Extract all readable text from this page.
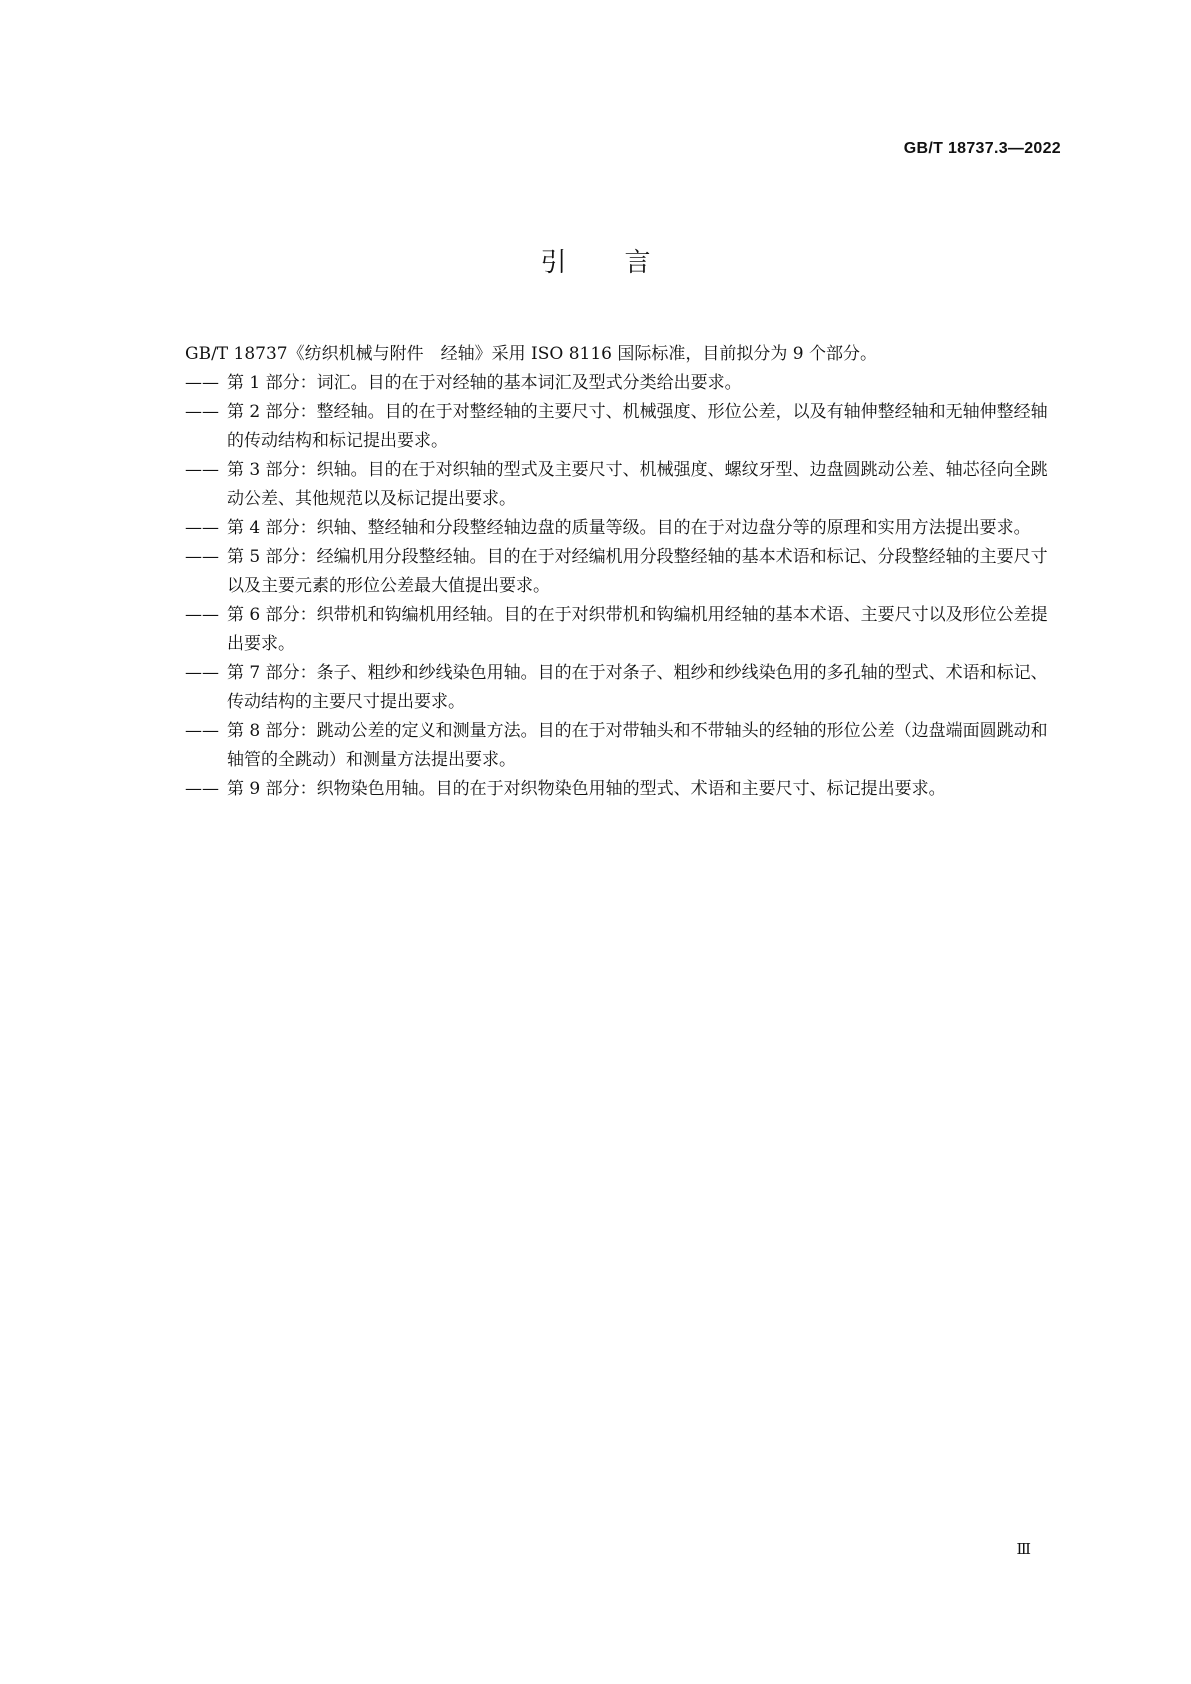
GB/T 18737.3—2022
引言

GB/T 18737《纺织机械与附件　经轴》采用 ISO 8116 国际标准，目前拟分为 9 个部分。

—— 第 1 部分：词汇。目的在于对经轴的基本词汇及型式分类给出要求。
—— 第 2 部分：整经轴。目的在于对整经轴的主要尺寸、机械强度、形位公差，以及有轴伸整经轴和无轴伸整经轴的传动结构和标记提出要求。
—— 第 3 部分：织轴。目的在于对织轴的型式及主要尺寸、机械强度、螺纹牙型、边盘圆跳动公差、轴芯径向全跳动公差、其他规范以及标记提出要求。
—— 第 4 部分：织轴、整经轴和分段整经轴边盘的质量等级。目的在于对边盘分等的原理和实用方法提出要求。
—— 第 5 部分：经编机用分段整经轴。目的在于对经编机用分段整经轴的基本术语和标记、分段整经轴的主要尺寸以及主要元素的形位公差最大值提出要求。
—— 第 6 部分：织带机和钩编机用经轴。目的在于对织带机和钩编机用经轴的基本术语、主要尺寸以及形位公差提出要求。
—— 第 7 部分：条子、粗纱和纱线染色用轴。目的在于对条子、粗纱和纱线染色用的多孔轴的型式、术语和标记、传动结构的主要尺寸提出要求。
—— 第 8 部分：跳动公差的定义和测量方法。目的在于对带轴头和不带轴头的经轴的形位公差（边盘端面圆跳动和轴管的全跳动）和测量方法提出要求。
—— 第 9 部分：织物染色用轴。目的在于对织物染色用轴的型式、术语和主要尺寸、标记提出要求。
Ⅲ
